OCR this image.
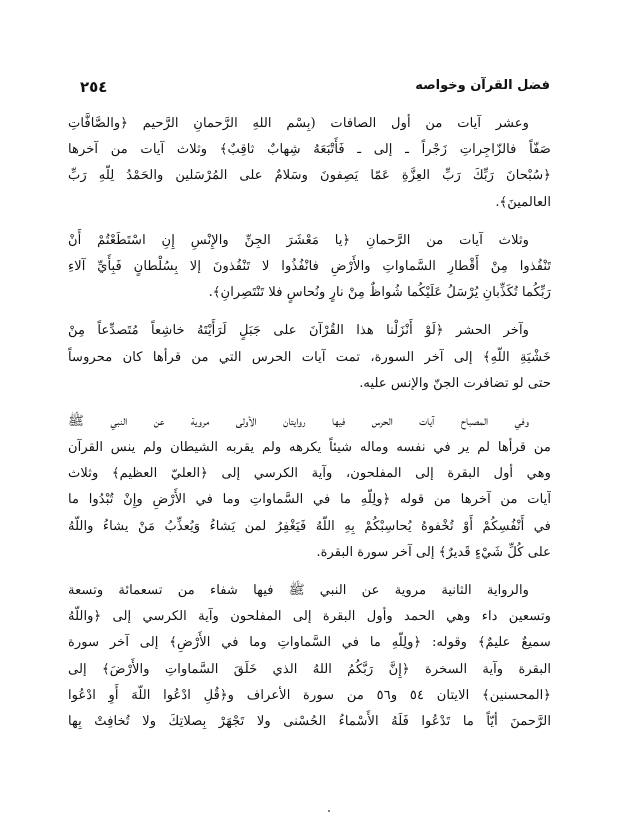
فضل القرآن وخواصه
٢٥٤
وعشر آيات من أول الصافات (بِسْم اللهِ الرَّحمانِ الرَّحيم ﴿والصَّافَّاتِ
صَفّاً فالزّاجِراتِ زَجْراً ـ إلى ـ فَأَتْبَعَهُ شِهابٌ ثاقِبٌ﴾ وثلاث آيات من آخرها
﴿سُبْحانَ رَبِّكَ رَبِّ العِزَّةِ عَمّا يَصِفونَ وسَلامٌ على المُرْسَلين والحَمْدُ لِلّهِ رَبِّ
العالمينَ﴾.
وثلاث آيات من الرَّحمانِ ﴿يا مَعْشَرَ الجِنِّ والإِنْسِ إِنِ اسْتَطَعْتُمْ أَنْ
تَنْفُذوا مِنْ أَقْطارِ السَّماواتِ والأَرْضِ فانْفُذُوا لا تَنْفُذونَ إلا بِسُلْطانٍ فَبِأَيِّ آلاءِ
رَبِّكُما تُكَذِّبانِ يُرْسَلُ عَلَيْكُما شُواظٌ مِنْ نارٍ ونُحاسٍ فلا تَنْتَصِرانِ﴾.
وآخر الحشر ﴿لَوْ أَنْزَلْنا هذا القُرْآنَ على جَبَلٍ لَرَأَيْتَهُ خاشِعاً مُتَصدِّعاً مِنْ
خَشْيَةِ اللّهِ﴾ إلى آخر السورة، تمت آيات الحرس التي من قرأها كان محروساً
حتى لو تضافرت الجنّ والإنس عليه.
وفي المصباح آيات الحرس فيها روايتان الأولى مروية عن النبي ﷺ
من قرأها لم ير في نفسه وماله شيئاً يكرهه ولم يقربه الشيطان ولم ينس القرآن
وهي أول البقرة إلى المفلحون، وآية الكرسي إلى ﴿العليّ العظيم﴾ وثلاث
آيات من آخرها من قوله ﴿ولِلّهِ ما في السَّماواتِ وما في الأَرْضِ وإِنْ تُبْدُوا ما
في أَنْفُسِكُمْ أَوْ تُخْفوهُ يُحاسِبْكُمْ بِهِ اللّهُ فَيَغْفِرُ لمن يَشاءُ وَيُعذِّبُ مَنْ يشاءُ واللّهُ
على كُلِّ شَيْءٍ قَديرٌ﴾ إلى آخر سورة البقرة.
والرواية الثانية مروية عن النبي ﷺ فيها شفاء من تسعمائة وتسعة
وتسعين داء وهي الحمد وأول البقرة إلى المفلحون وآية الكرسي إلى ﴿واللّهُ
سميعٌ عليمٌ﴾ وقوله: ﴿ولِلّهِ ما في السَّماواتِ وما في الأَرْضِ﴾ إلى آخر سورة
البقرة وآية السخرة ﴿إِنَّ رَبَّكُمُ اللهُ الذي خَلَقَ السَّماواتِ والأَرْضَ﴾ إلى
﴿المحسنين﴾ الايتان ٥٤ و٥٦ من سورة الأعراف و﴿قُلِ ادْعُوا اللّهَ أَوِ ادْعُوا
الرَّحمنَ أيّاً ما تَدْعُوا فَلَهُ الأَسْماءُ الحُسْنى ولا تَجْهَرْ بِصلاتِكَ ولا تُخافِتْ بِها
